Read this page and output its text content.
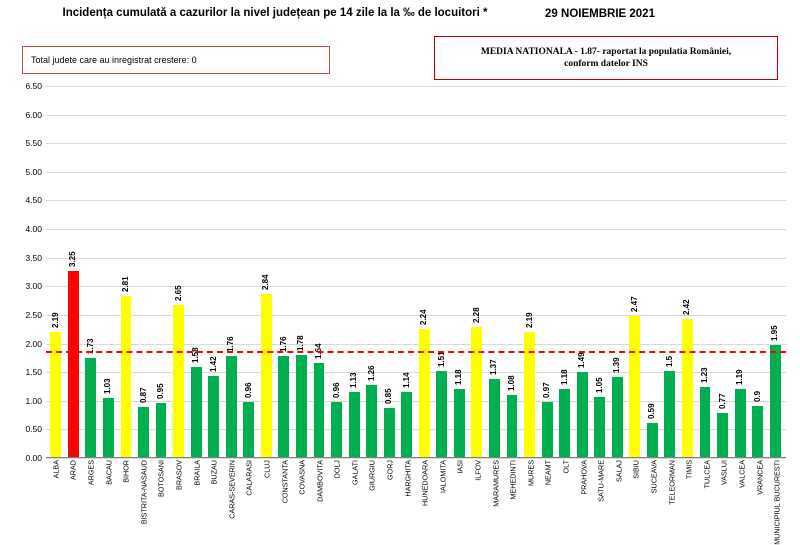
Incidența cumulată a cazurilor la nivel județean pe 14 zile la la ‰ de locuitori *	29 NOIEMBRIE 2021
Total judete care au inregistrat crestere: 0
MEDIA NATIONALA - 1.87- raportat la populatia României,
conform datelor INS
6.50
6.00
5.50
5.00
4.50
4.00
3.50
3.00
2.50
2.00
1.50
1.00
0.50
0.00
2.19
3.25
1.73
1.03
2.81
0.87 0.95
2.65
1.58
1.42
1.76
0.96
2.84
1.76 1.78
1.64
0.96
1.13 1.26
0.85
1.14
2.24
1.51
1.18
2.28
1.37
1.08
2.19
0.97
1.18
1.49
1.05
1.39
2.47
0.59
1.5
2.42
1.23
0.77
1.19
0.9
1.95
ALBA ARAD ARGES BACAU BIHOR BISTRITA-NASAUD BOTOSANI BRASOV BRAILA BUZAU CARAS-SEVERIN CALARASI CLUJ CONSTANTA COVASNA DAMBOVITA DOLJ GALATI GIURGIU GORJ HARGHITA HUNEDOARA IALOMITA IASI ILFOV MARAMURES MEHEDINTI MURES NEAMT OLT PRAHOVA SATU-MARE SALAJ SIBIU SUCEAVA TELEORMAN TIMIS TULCEA VASLUI VALCEA VRANCEA MUNICIPIUL BUCURESTI
